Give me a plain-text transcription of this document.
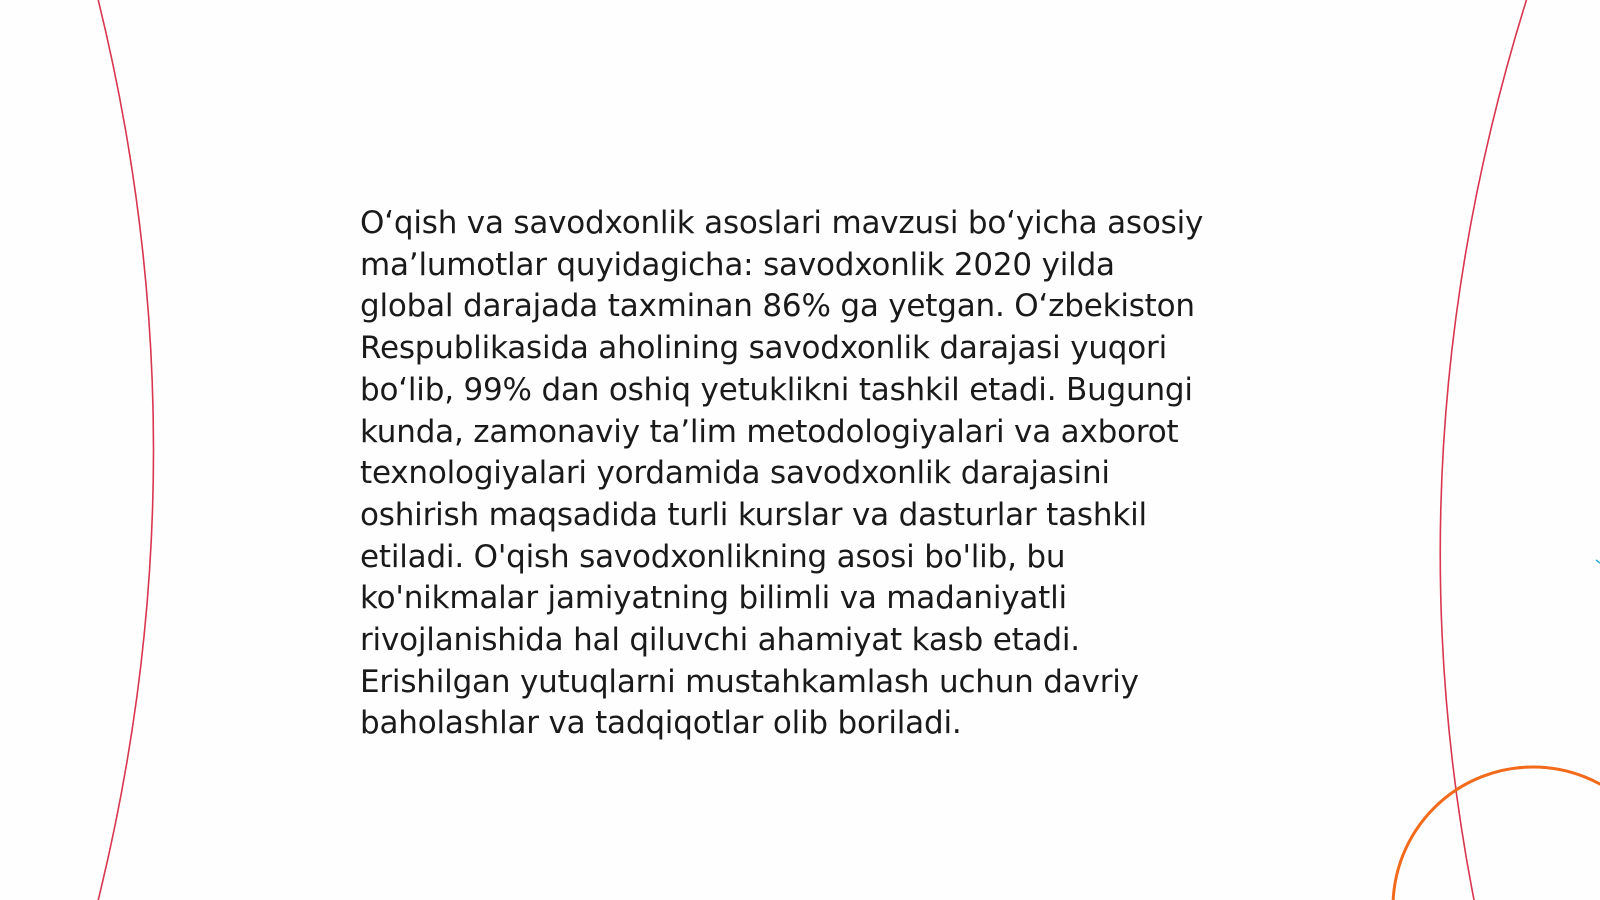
O‘qish va savodxonlik asoslari mavzusi bo‘yicha asosiy
ma’lumotlar quyidagicha: savodxonlik 2020 yilda
global darajada taxminan 86% ga yetgan. O‘zbekiston
Respublikasida aholining savodxonlik darajasi yuqori
bo‘lib, 99% dan oshiq yetuklikni tashkil etadi. Bugungi
kunda, zamonaviy ta’lim metodologiyalari va axborot
texnologiyalari yordamida savodxonlik darajasini
oshirish maqsadida turli kurslar va dasturlar tashkil
etiladi. O'qish savodxonlikning asosi bo'lib, bu
ko'nikmalar jamiyatning bilimli va madaniyatli
rivojlanishida hal qiluvchi ahamiyat kasb etadi.
Erishilgan yutuqlarni mustahkamlash uchun davriy
baholashlar va tadqiqotlar olib boriladi.
